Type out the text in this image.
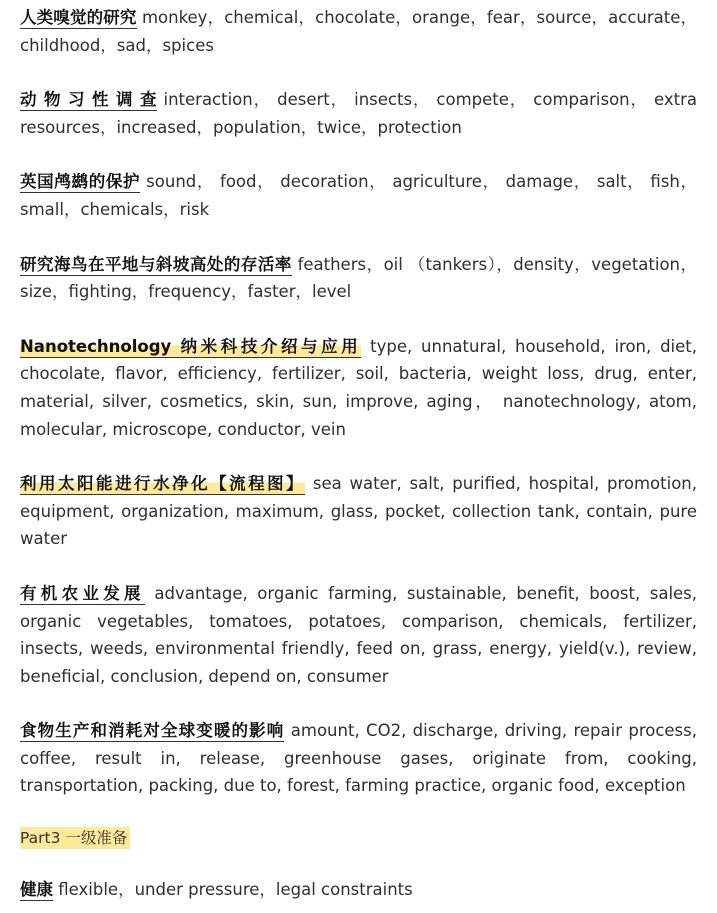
人类嗅觉的研究 monkey，chemical，chocolate，orange，fear，source，accurate，childhood，sad，spices

动 物 习 性 调 查 interaction， desert， insects， compete， comparison， extra resources，increased，population，twice，protection

英国鸬鹚的保护 sound， food， decoration， agriculture， damage， salt， fish，small，chemicals，risk

研究海鸟在平地与斜坡高处的存活率 feathers，oil （tankers），density，vegetation，size，fighting，frequency，faster，level

Nanotechnology 纳米科技介绍与应用 type, unnatural, household, iron, diet, chocolate, flavor, efficiency, fertilizer, soil, bacteria, weight loss, drug, enter, material, silver, cosmetics, skin, sun, improve, aging， nanotechnology, atom, molecular, microscope, conductor, vein

利用太阳能进行水净化【流程图】 sea water, salt, purified, hospital, promotion, equipment, organization, maximum, glass, pocket, collection tank, contain, pure water

有机农业发展 advantage, organic farming, sustainable, benefit, boost, sales, organic vegetables, tomatoes, potatoes, comparison, chemicals, fertilizer, insects, weeds, environmental friendly, feed on, grass, energy, yield(v.), review, beneficial, conclusion, depend on, consumer

食物生产和消耗对全球变暖的影响 amount, CO2, discharge, driving, repair process, coffee, result in, release, greenhouse gases, originate from, cooking, transportation, packing, due to, forest, farming practice, organic food, exception

Part3 一级准备

健康 flexible，under pressure，legal constraints
